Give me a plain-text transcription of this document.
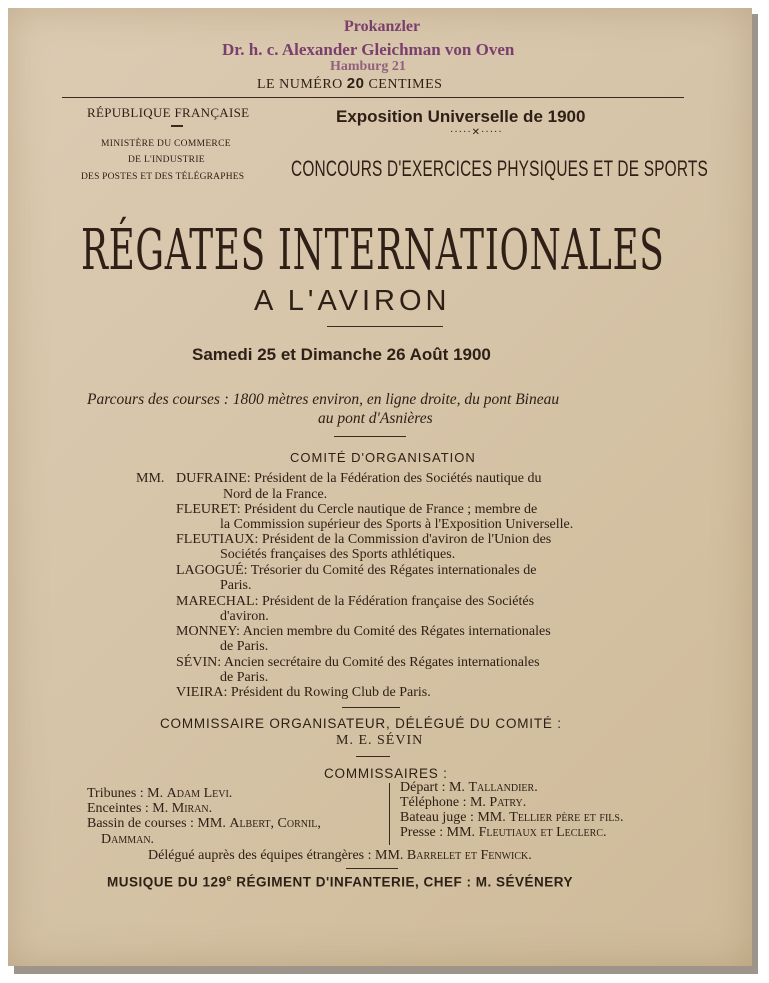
Prokanzler
Dr. h. c. Alexander Gleichman von Oven
Hamburg 21
LE NUMÉRO 20 CENTIMES
RÉPUBLIQUE FRANÇAISE
MINISTÈRE DU COMMERCE
DE L'INDUSTRIE
DES POSTES ET DES TÉLÉGRAPHES
Exposition Universelle de 1900
·····✕·····
CONCOURS D'EXERCICES PHYSIQUES ET DE SPORTS
RÉGATES INTERNATIONALES
A L'AVIRON
Samedi 25 et Dimanche 26 Août 1900
Parcours des courses : 1800 mètres environ, en ligne droite, du pont Bineau
au pont d'Asnières
COMITÉ D'ORGANISATION
MM. DUFRAINE: Président de la Fédération des Sociétés nautique du
Nord de la France.
FLEURET: Président du Cercle nautique de France ; membre de
la Commission supérieur des Sports à l'Exposition Universelle.
FLEUTIAUX: Président de la Commission d'aviron de l'Union des
Sociétés françaises des Sports athlétiques.
LAGOGUÉ: Trésorier du Comité des Régates internationales de
Paris.
MARECHAL: Président de la Fédération française des Sociétés
d'aviron.
MONNEY: Ancien membre du Comité des Régates internationales
de Paris.
SÉVIN: Ancien secrétaire du Comité des Régates internationales
de Paris.
VIEIRA: Président du Rowing Club de Paris.
COMMISSAIRE ORGANISATEUR, DÉLÉGUÉ DU COMITÉ :
M. E. SÉVIN
COMMISSAIRES :
Tribunes : M. Adam Levi.
Enceintes : M. Miran.
Bassin de courses : MM. Albert, Cornil,
Damman.
Départ : M. Tallandier.
Téléphone : M. Patry.
Bateau juge : MM. Tellier père et fils.
Presse : MM. Fleutiaux et Leclerc.
Délégué auprès des équipes étrangères : MM. Barrelet et Fenwick.
MUSIQUE DU 129e RÉGIMENT D'INFANTERIE, CHEF : M. SÉVÉNERY
